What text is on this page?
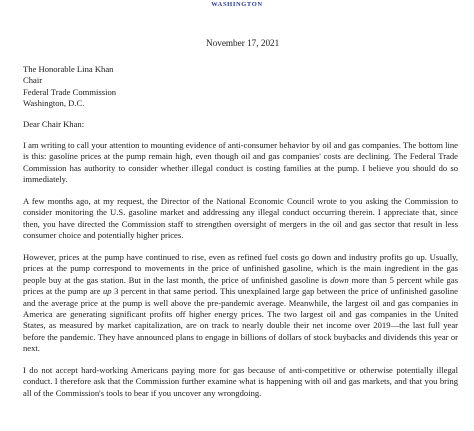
WASHINGTON
November 17, 2021
The Honorable Lina Khan
Chair
Federal Trade Commission
Washington, D.C.
Dear Chair Khan:

I am writing to call your attention to mounting evidence of anti-consumer behavior by oil and gas companies. The bottom line is this: gasoline prices at the pump remain high, even though oil and gas companies' costs are declining. The Federal Trade Commission has authority to consider whether illegal conduct is costing families at the pump. I believe you should do so immediately.

A few months ago, at my request, the Director of the National Economic Council wrote to you asking the Commission to consider monitoring the U.S. gasoline market and addressing any illegal conduct occurring therein. I appreciate that, since then, you have directed the Commission staff to strengthen oversight of mergers in the oil and gas sector that result in less consumer choice and potentially higher prices.

However, prices at the pump have continued to rise, even as refined fuel costs go down and industry profits go up. Usually, prices at the pump correspond to movements in the price of unfinished gasoline, which is the main ingredient in the gas people buy at the gas station. But in the last month, the price of unfinished gasoline is down more than 5 percent while gas prices at the pump are up 3 percent in that same period. This unexplained large gap between the price of unfinished gasoline and the average price at the pump is well above the pre-pandemic average. Meanwhile, the largest oil and gas companies in America are generating significant profits off higher energy prices. The two largest oil and gas companies in the United States, as measured by market capitalization, are on track to nearly double their net income over 2019—the last full year before the pandemic. They have announced plans to engage in billions of dollars of stock buybacks and dividends this year or next.

I do not accept hard-working Americans paying more for gas because of anti-competitive or otherwise potentially illegal conduct. I therefore ask that the Commission further examine what is happening with oil and gas markets, and that you bring all of the Commission's tools to bear if you uncover any wrongdoing.
